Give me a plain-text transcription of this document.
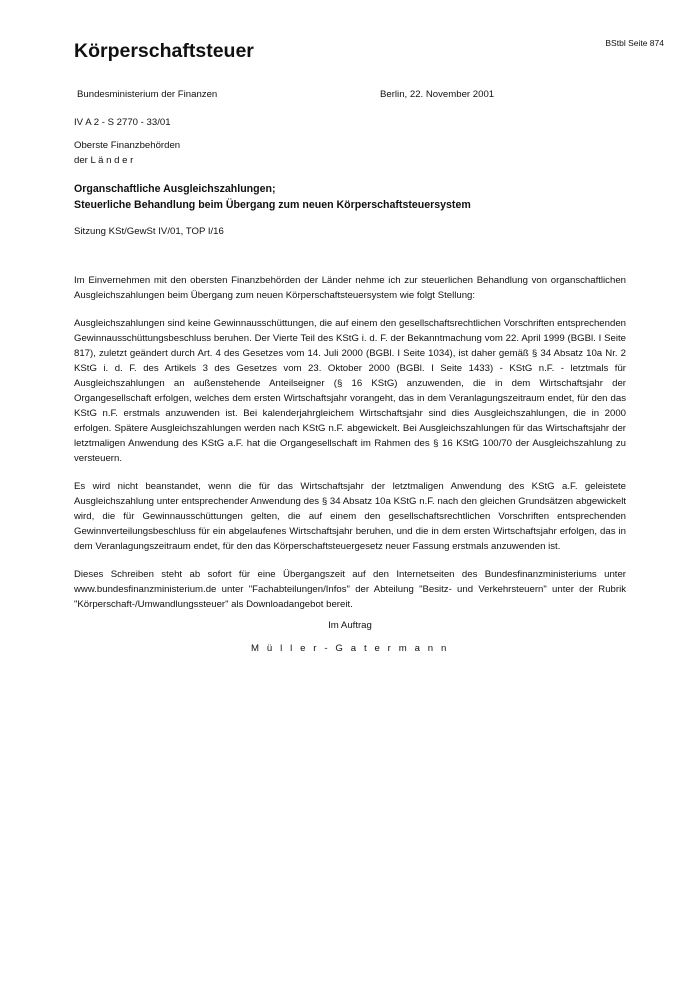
BStbl Seite 874
Körperschaftsteuer
Bundesministerium der Finanzen	Berlin, 22. November 2001
IV A 2 - S 2770 - 33/01
Oberste Finanzbehörden
der L ä n d e r
Organschaftliche Ausgleichszahlungen;
Steuerliche Behandlung beim Übergang zum neuen Körperschaftsteuersystem
Sitzung KSt/GewSt IV/01, TOP I/16

Im Einvernehmen mit den obersten Finanzbehörden der Länder nehme ich zur steuerlichen Behandlung von organschaftlichen Ausgleichszahlungen beim Übergang zum neuen Körperschaftsteuersystem wie folgt Stellung:

Ausgleichszahlungen sind keine Gewinnausschüttungen, die auf einem den gesellschaftsrechtlichen Vorschriften entsprechenden Gewinnausschüttungsbeschluss beruhen. Der Vierte Teil des KStG i. d. F. der Bekanntmachung vom 22. April 1999 (BGBl. I Seite 817), zuletzt geändert durch Art. 4 des Gesetzes vom 14. Juli 2000 (BGBl. I Seite 1034), ist daher gemäß § 34 Absatz 10a Nr. 2 KStG i. d. F. des Artikels 3 des Gesetzes vom 23. Oktober 2000 (BGBl. I Seite 1433) - KStG n.F. - letztmals für Ausgleichszahlungen an außenstehende Anteilseigner (§ 16 KStG) anzuwenden, die in dem Wirtschaftsjahr der Organgesellschaft erfolgen, welches dem ersten Wirtschaftsjahr vorangeht, das in dem Veranlagungszeitraum endet, für den das KStG n.F. erstmals anzuwenden ist. Bei kalenderjahrgleichem Wirtschaftsjahr sind dies Ausgleichszahlungen, die in 2000 erfolgen. Spätere Ausgleichszahlungen werden nach KStG n.F. abgewickelt. Bei Ausgleichszahlungen für das Wirtschaftsjahr der letztmaligen Anwendung des KStG a.F. hat die Organgesellschaft im Rahmen des § 16 KStG 100/70 der Ausgleichszahlung zu versteuern.

Es wird nicht beanstandet, wenn die für das Wirtschaftsjahr der letztmaligen Anwendung des KStG a.F. geleistete Ausgleichszahlung unter entsprechender Anwendung des § 34 Absatz 10a KStG n.F. nach den gleichen Grundsätzen abgewickelt wird, die für Gewinnausschüttungen gelten, die auf einem den gesellschaftsrechtlichen Vorschriften entsprechenden Gewinnverteilungsbeschluss für ein abgelaufenes Wirtschaftsjahr beruhen, und die in dem ersten Wirtschaftsjahr erfolgen, das in dem Veranlagungszeitraum endet, für den das Körperschaftsteuergesetz neuer Fassung erstmals anzuwenden ist.

Dieses Schreiben steht ab sofort für eine Übergangszeit auf den Internetseiten des Bundesfinanzministeriums unter www.bundesfinanzministerium.de unter "Fachabteilungen/Infos" der Abteilung "Besitz- und Verkehrsteuern" unter der Rubrik "Körperschaft-/Umwandlungssteuer" als Downloadangebot bereit.

Im Auftrag
M ü l l e r - G a t e r m a n n
